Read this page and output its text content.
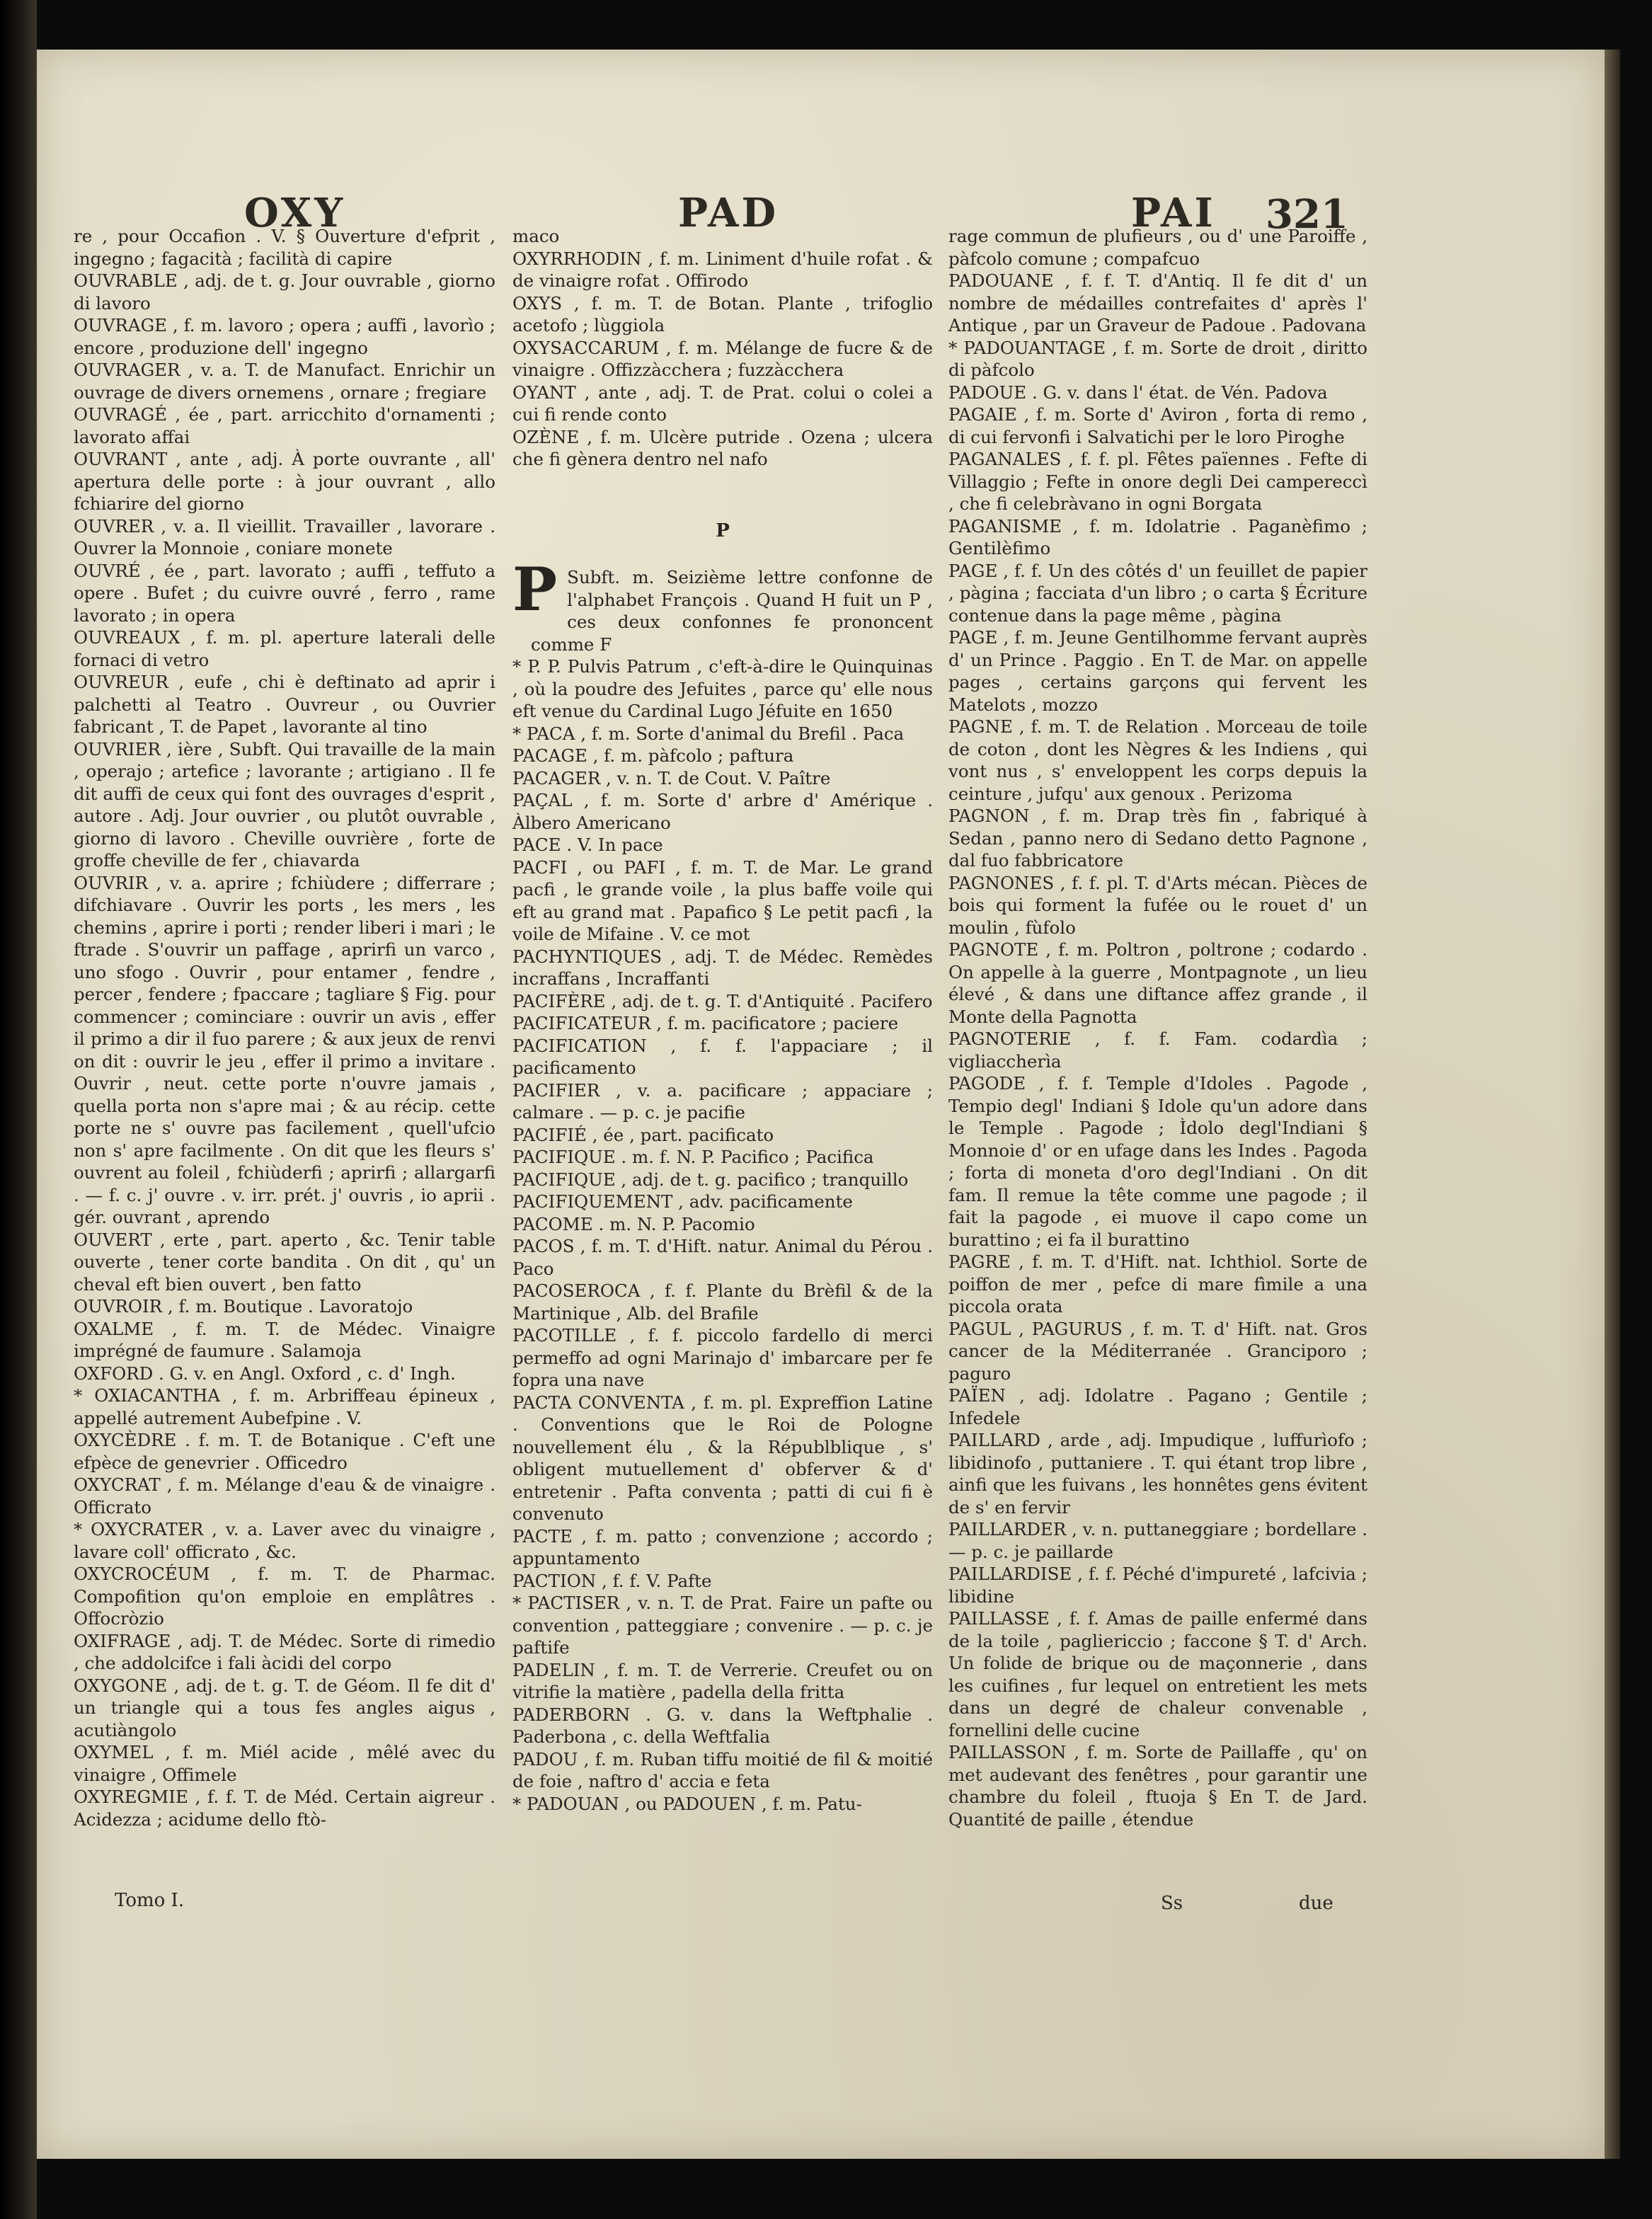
OXY	PAD	PAI 321

re , pour Occafion . V. § Ouverture d'efprit , ingegno ; fagacità ; facilità di capire

OUVRABLE , adj. de t. g. Jour ouvrable , giorno di lavoro

OUVRAGE , f. m. lavoro ; opera ; auffi , lavorìo ; encore , produzione dell' ingegno

OUVRAGER , v. a. T. de Manufact. Enrichir un ouvrage de divers ornemens , ornare ; fregiare

OUVRAGÉ , ée , part. arricchito d'ornamenti ; lavorato affai

OUVRANT , ante , adj. À porte ouvrante , all' apertura delle porte : à jour ouvrant , allo fchiarire del giorno

OUVRER , v. a. Il vieillit. Travailler , lavorare . Ouvrer la Monnoie , coniare monete

OUVRÉ , ée , part. lavorato ; auffi , teffuto a opere . Bufet ; du cuivre ouvré , ferro , rame lavorato ; in opera

OUVREAUX , f. m. pl. aperture laterali delle fornaci di vetro

OUVREUR , eufe , chi è deftinato ad aprir i palchetti al Teatro . Ouvreur , ou Ouvrier fabricant , T. de Papet , lavorante al tino

OUVRIER , ière , Subft. Qui travaille de la main , operajo ; artefice ; lavorante ; artigiano . Il fe dit auffi de ceux qui font des ouvrages d'esprit , autore . Adj. Jour ouvrier , ou plutôt ouvrable , giorno di lavoro . Cheville ouvrière , forte de groffe cheville de fer , chiavarda

OUVRIR , v. a. aprire ; fchiùdere ; differrare ; difchiavare . Ouvrir les ports , les mers , les chemins , aprire i porti ; render liberi i mari ; le ftrade . S'ouvrir un paffage , aprirfi un varco , uno sfogo . Ouvrir , pour entamer , fendre , percer , fendere ; fpaccare ; tagliare § Fig. pour commencer ; cominciare : ouvrir un avis , effer il primo a dir il fuo parere ; & aux jeux de renvi on dit : ouvrir le jeu , effer il primo a invitare . Ouvrir , neut. cette porte n'ouvre jamais , quella porta non s'apre mai ; & au récip. cette porte ne s' ouvre pas facilement , quell'ufcio non s' apre facilmente . On dit que les fleurs s' ouvrent au foleil , fchiùderfi ; aprirfi ; allargarfi . — f. c. j' ouvre . v. irr. prét. j' ouvris , io aprii . gér. ouvrant , aprendo

OUVERT , erte , part. aperto , &c. Tenir table ouverte , tener corte bandita . On dit , qu' un cheval eft bien ouvert , ben fatto

OUVROIR , f. m. Boutique . Lavoratojo

OXALME , f. m. T. de Médec. Vinaigre imprégné de faumure . Salamoja

OXFORD . G. v. en Angl. Oxford , c. d' Ingh.

* OXIACANTHA , f. m. Arbriffeau épineux , appellé autrement Aubefpine . V.

OXYCÈDRE . f. m. T. de Botanique . C'eft une efpèce de genevrier . Officedro

OXYCRAT , f. m. Mélange d'eau & de vinaigre . Officrato

* OXYCRATER , v. a. Laver avec du vinaigre , lavare coll' officrato , &c.

OXYCROCÉUM , f. m. T. de Pharmac. Compofition qu'on emploie en emplâtres . Offocròzio

OXIFRAGE , adj. T. de Médec. Sorte di rimedio , che addolcifce i fali àcidi del corpo

OXYGONE , adj. de t. g. T. de Géom. Il fe dit d' un triangle qui a tous fes angles aigus , acutiàngolo

OXYMEL , f. m. Miél acide , mêlé avec du vinaigre , Offimele

OXYREGMIE , f. f. T. de Méd. Certain aigreur . Acidezza ; acidume dello ftò-

maco

OXYRRHODIN , f. m. Liniment d'huile rofat . & de vinaigre rofat . Offirodo

OXYS , f. m. T. de Botan. Plante , trifoglio acetofo ; lùggiola

OXYSACCARUM , f. m. Mélange de fucre & de vinaigre . Offizzàcchera ; fuzzàcchera

OYANT , ante , adj. T. de Prat. colui o colei a cui fi rende conto

OZÈNE , f. m. Ulcère putride . Ozena ; ulcera che fi gènera dentro nel nafo

P

P Subft. m. Seizième lettre confonne de l'alphabet François . Quand H fuit un P , ces deux confonnes fe prononcent comme F

* P. P. Pulvis Patrum , c'eft-à-dire le Quinquinas , où la poudre des Jefuites , parce qu' elle nous eft venue du Cardinal Lugo Jéfuite en 1650

* PACA , f. m. Sorte d'animal du Brefil . Paca

PACAGE , f. m. pàfcolo ; paftura

PACAGER , v. n. T. de Cout. V. Paître

PAÇAL , f. m. Sorte d' arbre d' Amérique . Àlbero Americano

PACE . V. In pace

PACFI , ou PAFI , f. m. T. de Mar. Le grand pacfi , le grande voile , la plus baffe voile qui eft au grand mat . Papafico § Le petit pacfi , la voile de Mifaine . V. ce mot

PACHYNTIQUES , adj. T. de Médec. Remèdes incraffans , Incraffanti

PACIFÈRE , adj. de t. g. T. d'Antiquité . Pacifero

PACIFICATEUR , f. m. pacificatore ; paciere

PACIFICATION , f. f. l'appaciare ; il pacificamento

PACIFIER , v. a. pacificare ; appaciare ; calmare . — p. c. je pacifie

PACIFIÉ , ée , part. pacificato

PACIFIQUE . m. f. N. P. Pacifico ; Pacifica

PACIFIQUE , adj. de t. g. pacifico ; tranquillo

PACIFIQUEMENT , adv. pacificamente

PACOME . m. N. P. Pacomio

PACOS , f. m. T. d'Hift. natur. Animal du Pérou . Paco

PACOSEROCA , f. f. Plante du Brèfil & de la Martinique , Alb. del Brafile

PACOTILLE , f. f. piccolo fardello di merci permeffo ad ogni Marinajo d' imbarcare per fe fopra una nave

PACTA CONVENTA , f. m. pl. Expreffion Latine . Conventions que le Roi de Pologne nouvellement élu , & la Républblique , s' obligent mutuellement d' obferver & d' entretenir . Pafta conventa ; patti di cui fi è convenuto

PACTE , f. m. patto ; convenzione ; accordo ; appuntamento

PACTION , f. f. V. Pafte

* PACTISER , v. n. T. de Prat. Faire un pafte ou convention , patteggiare ; convenire . — p. c. je paftife

PADELIN , f. m. T. de Verrerie. Creufet ou on vitrifie la matière , padella della fritta

PADERBORN . G. v. dans la Weftphalie . Paderbona , c. della Weftfalia

PADOU , f. m. Ruban tiffu moitié de fil & moitié de foie , naftro d' accia e feta

* PADOUAN , ou PADOUEN , f. m. Patu-

rage commun de plufieurs , ou d' une Paroiffe , pàfcolo comune ; compafcuo

PADOUANE , f. f. T. d'Antiq. Il fe dit d' un nombre de médailles contrefaites d' après l' Antique , par un Graveur de Padoue . Padovana

* PADOUANTAGE , f. m. Sorte de droit , diritto di pàfcolo

PADOUE . G. v. dans l' état. de Vén. Padova

PAGAIE , f. m. Sorte d' Aviron , forta di remo , di cui fervonfi i Salvatichi per le loro Piroghe

PAGANALES , f. f. pl. Fêtes païennes . Fefte di Villaggio ; Fefte in onore degli Dei campereccì , che fi celebràvano in ogni Borgata

PAGANISME , f. m. Idolatrie . Paganèfimo ; Gentilèfimo

PAGE , f. f. Un des côtés d' un feuillet de papier , pàgina ; facciata d'un libro ; o carta § Écriture contenue dans la page même , pàgina

PAGE , f. m. Jeune Gentilhomme fervant auprès d' un Prince . Paggio . En T. de Mar. on appelle pages , certains garçons qui fervent les Matelots , mozzo

PAGNE , f. m. T. de Relation . Morceau de toile de coton , dont les Nègres & les Indiens , qui vont nus , s' enveloppent les corps depuis la ceinture , jufqu' aux genoux . Perizoma

PAGNON , f. m. Drap très fin , fabriqué à Sedan , panno nero di Sedano detto Pagnone , dal fuo fabbricatore

PAGNONES , f. f. pl. T. d'Arts mécan. Pièces de bois qui forment la fufée ou le rouet d' un moulin , fùfolo

PAGNOTE , f. m. Poltron , poltrone ; codardo . On appelle à la guerre , Montpagnote , un lieu élevé , & dans une diftance affez grande , il Monte della Pagnotta

PAGNOTERIE , f. f. Fam. codardìa ; vigliaccherìa

PAGODE , f. f. Temple d'Idoles . Pagode , Tempio degl' Indiani § Idole qu'un adore dans le Temple . Pagode ; Ìdolo degl'Indiani § Monnoie d' or en ufage dans les Indes . Pagoda ; forta di moneta d'oro degl'Indiani . On dit fam. Il remue la tête comme une pagode ; il fait la pagode , ei muove il capo come un burattino ; ei fa il burattino

PAGRE , f. m. T. d'Hift. nat. Ichthiol. Sorte de poiffon de mer , pefce di mare fìmile a una piccola orata

PAGUL , PAGURUS , f. m. T. d' Hift. nat. Gros cancer de la Méditerranée . Granciporo ; paguro

PAÏEN , adj. Idolatre . Pagano ; Gentile ; Infedele

PAILLARD , arde , adj. Impudique , luffurìofo ; libidinofo , puttaniere . T. qui étant trop libre , ainfi que les fuivans , les honnêtes gens évitent de s' en fervir

PAILLARDER , v. n. puttaneggiare ; bordellare . — p. c. je paillarde

PAILLARDISE , f. f. Péché d'impureté , lafcivia ; libidine

PAILLASSE , f. f. Amas de paille enfermé dans de la toile , pagliericcio ; faccone § T. d' Arch. Un folide de brique ou de maçonnerie , dans les cuifines , fur lequel on entretient les mets dans un degré de chaleur convenable , fornellini delle cucine

PAILLASSON , f. m. Sorte de Paillaffe , qu' on met audevant des fenêtres , pour garantir une chambre du foleil , ftuoja § En T. de Jard. Quantité de paille , étendue

Tomo I.	Ss	due
